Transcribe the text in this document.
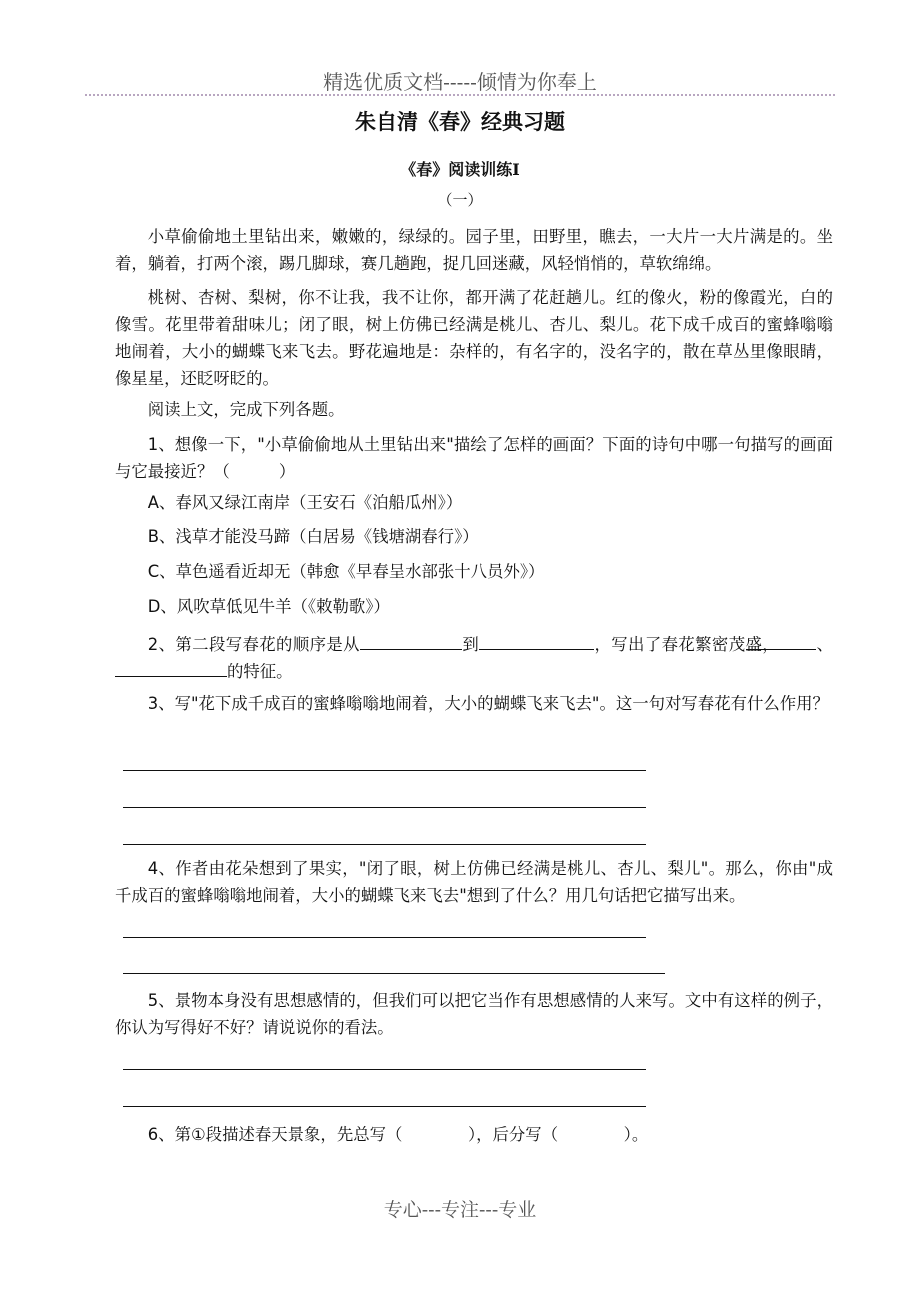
精选优质文档-----倾情为你奉上
朱自清《春》经典习题
《春》阅读训练Ⅰ
（一）
小草偷偷地土里钻出来，嫩嫩的，绿绿的。园子里，田野里，瞧去，一大片一大片满是的。坐着，躺着，打两个滚，踢几脚球，赛几趟跑，捉几回迷藏，风轻悄悄的，草软绵绵。
桃树、杏树、梨树，你不让我，我不让你，都开满了花赶趟儿。红的像火，粉的像霞光，白的像雪。花里带着甜味儿；闭了眼，树上仿佛已经满是桃儿、杏儿、梨儿。花下成千成百的蜜蜂嗡嗡地闹着，大小的蝴蝶飞来飞去。野花遍地是：杂样的，有名字的，没名字的，散在草丛里像眼睛，像星星，还眨呀眨的。
阅读上文，完成下列各题。
1、想像一下，"小草偷偷地从土里钻出来"描绘了怎样的画面？下面的诗句中哪一句描写的画面与它最接近？（　　　）
A、春风又绿江南岸（王安石《泊船瓜州》）
B、浅草才能没马蹄（白居易《钱塘湖春行》）
C、草色遥看近却无（韩愈《早春呈水部张十八员外》）
D、风吹草低见牛羊（《敕勒歌》）
2、第二段写春花的顺序是从	到	，写出了春花繁密茂盛， 、的特征。
3、写"花下成千成百的蜜蜂嗡嗡地闹着，大小的蝴蝶飞来飞去"。这一句对写春花有什么作用？
4、作者由花朵想到了果实，"闭了眼，树上仿佛已经满是桃儿、杏儿、梨儿"。那么，你由"成千成百的蜜蜂嗡嗡地闹着，大小的蝴蝶飞来飞去"想到了什么？用几句话把它描写出来。
5、景物本身没有思想感情的，但我们可以把它当作有思想感情的人来写。文中有这样的例子，你认为写得好不好？请说说你的看法。
6、第①段描述春天景象，先总写（　　　　），后分写（　　　　）。
专心---专注---专业
